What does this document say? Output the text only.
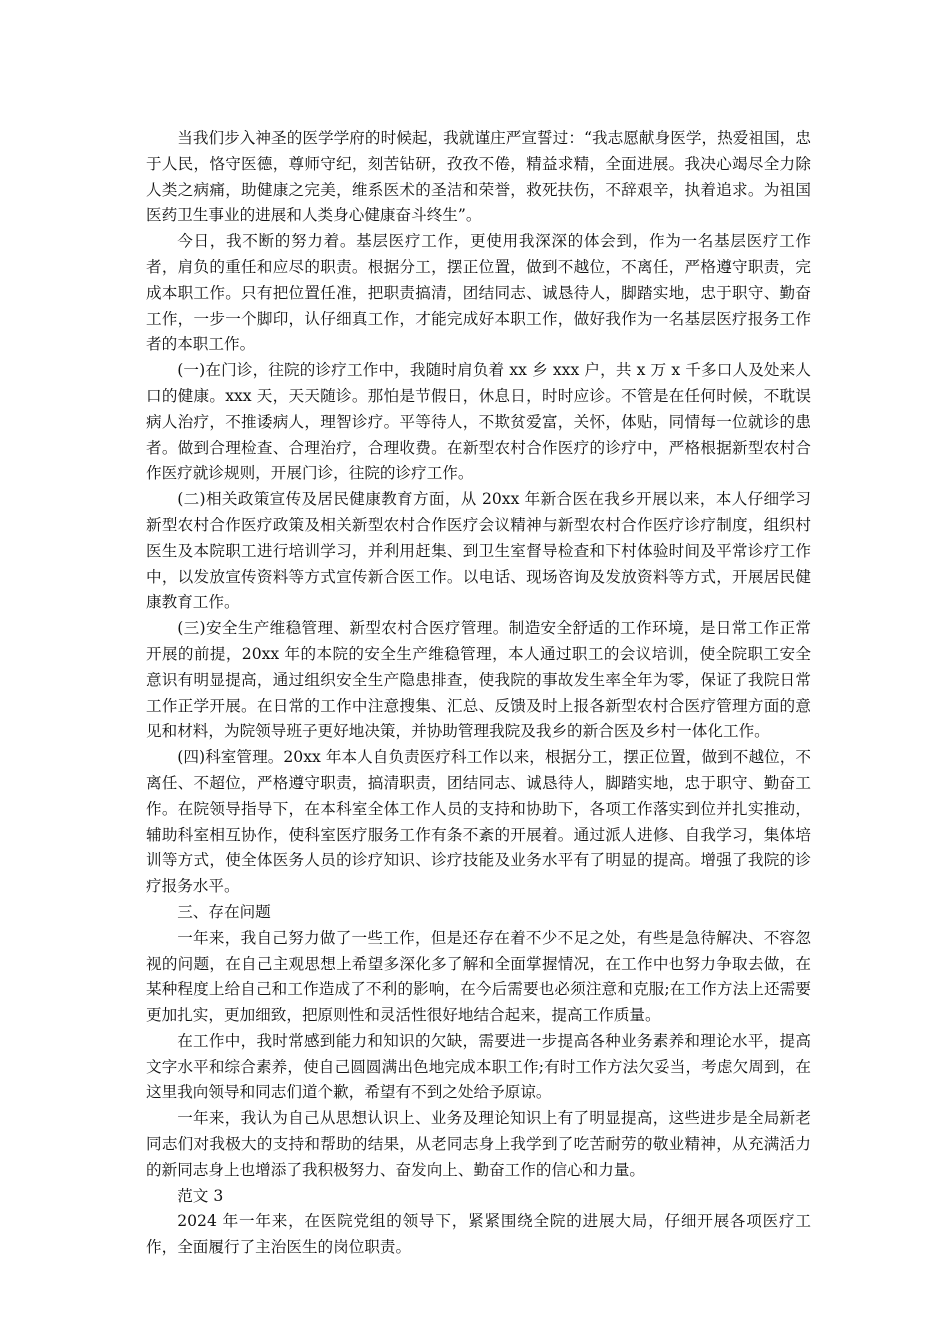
当我们步入神圣的医学学府的时候起，我就谨庄严宣誓过：“我志愿献身医学，热爱祖国，忠于人民，恪守医德，尊师守纪，刻苦钻研，孜孜不倦，精益求精，全面进展。我决心竭尽全力除人类之病痛，助健康之完美，维系医术的圣洁和荣誉，救死扶伤，不辞艰辛，执着追求。为祖国医药卫生事业的进展和人类身心健康奋斗终生”。

今日，我不断的努力着。基层医疗工作，更使用我深深的体会到，作为一名基层医疗工作者，肩负的重任和应尽的职责。根据分工，摆正位置，做到不越位，不离任，严格遵守职责，完成本职工作。只有把位置任准，把职责搞清，团结同志、诚恳待人，脚踏实地，忠于职守、勤奋工作，一步一个脚印，认仔细真工作，才能完成好本职工作，做好我作为一名基层医疗报务工作者的本职工作。

(一)在门诊，往院的诊疗工作中，我随时肩负着 xx 乡 xxx 户，共 x 万 x 千多口人及处来人口的健康。xxx 天，天天随诊。那怕是节假日，休息日，时时应诊。不管是在任何时候，不耽误病人治疗，不推诿病人，理智诊疗。平等待人，不欺贫爱富，关怀，体贴，同情每一位就诊的患者。做到合理检查、合理治疗，合理收费。在新型农村合作医疗的诊疗中，严格根据新型农村合作医疗就诊规则，开展门诊，往院的诊疗工作。

(二)相关政策宣传及居民健康教育方面，从 20xx 年新合医在我乡开展以来，本人仔细学习新型农村合作医疗政策及相关新型农村合作医疗会议精神与新型农村合作医疗诊疗制度，组织村医生及本院职工进行培训学习，并利用赶集、到卫生室督导检查和下村体验时间及平常诊疗工作中，以发放宣传资料等方式宣传新合医工作。以电话、现场咨询及发放资料等方式，开展居民健康教育工作。

(三)安全生产维稳管理、新型农村合医疗管理。制造安全舒适的工作环境，是日常工作正常开展的前提，20xx 年的本院的安全生产维稳管理，本人通过职工的会议培训，使全院职工安全意识有明显提高，通过组织安全生产隐患排查，使我院的事故发生率全年为零，保证了我院日常工作正学开展。在日常的工作中注意搜集、汇总、反馈及时上报各新型农村合医疗管理方面的意见和材料，为院领导班子更好地决策，并协助管理我院及我乡的新合医及乡村一体化工作。

(四)科室管理。20xx 年本人自负责医疗科工作以来，根据分工，摆正位置，做到不越位，不离任、不超位，严格遵守职责，搞清职责，团结同志、诚恳待人，脚踏实地，忠于职守、勤奋工作。在院领导指导下，在本科室全体工作人员的支持和协助下，各项工作落实到位并扎实推动，辅助科室相互协作，使科室医疗服务工作有条不紊的开展着。通过派人进修、自我学习，集体培训等方式，使全体医务人员的诊疗知识、诊疗技能及业务水平有了明显的提高。增强了我院的诊疗报务水平。

三、存在问题

一年来，我自己努力做了一些工作，但是还存在着不少不足之处，有些是急待解决、不容忽视的问题，在自己主观思想上希望多深化多了解和全面掌握情况，在工作中也努力争取去做，在某种程度上给自己和工作造成了不利的影响，在今后需要也必须注意和克服;在工作方法上还需要更加扎实，更加细致，把原则性和灵活性很好地结合起来，提高工作质量。

在工作中，我时常感到能力和知识的欠缺，需要进一步提高各种业务素养和理论水平，提高文字水平和综合素养，使自己圆圆满出色地完成本职工作;有时工作方法欠妥当，考虑欠周到，在这里我向领导和同志们道个歉，希望有不到之处给予原谅。

一年来，我认为自己从思想认识上、业务及理论知识上有了明显提高，这些进步是全局新老同志们对我极大的支持和帮助的结果，从老同志身上我学到了吃苦耐劳的敬业精神，从充满活力的新同志身上也增添了我积极努力、奋发向上、勤奋工作的信心和力量。

范文 3

2024 年一年来，在医院党组的领导下，紧紧围绕全院的进展大局，仔细开展各项医疗工作，全面履行了主治医生的岗位职责。
